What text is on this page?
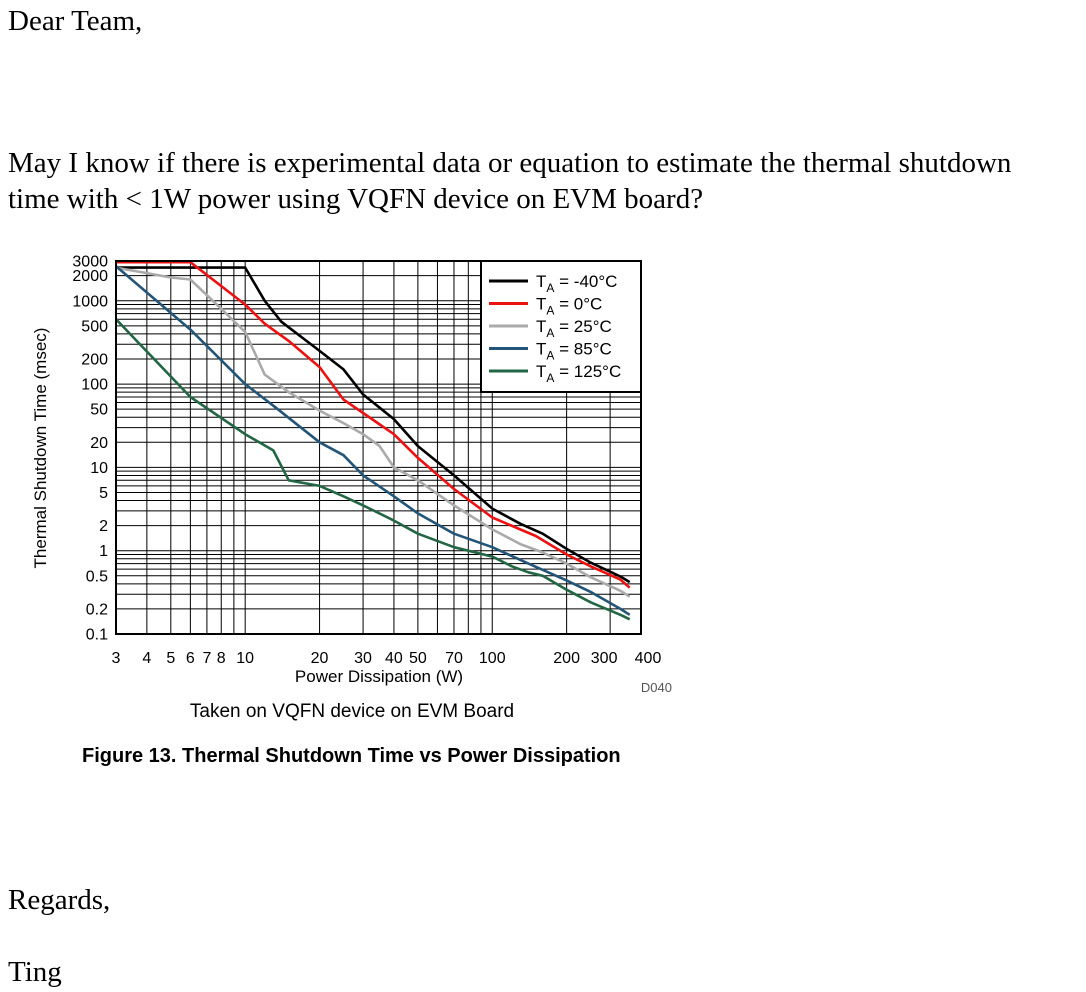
Dear Team,

May I know if there is experimental data or equation to estimate the thermal shutdown

time with < 1W power using VQFN device on EVM board?

$T_A = -40^\circ C$
$T_A = 0^\circ C$
$T_A = 25^\circ C$
$T_A = 85^\circ C$
$T_A = 125^\circ C$
0.1
0.2
0.5
1
2
5
10
20
50
100
200
500
1000
2000
3000
3 4 5 6 7 8 10	20 30 40 50 70 100	200 300 400
Thermal Shutdown Time (msec)
Power Dissipation (W)
D040
Taken on VQFN device on EVM Board

Figure 13. Thermal Shutdown Time vs Power Dissipation

Regards,

Ting
